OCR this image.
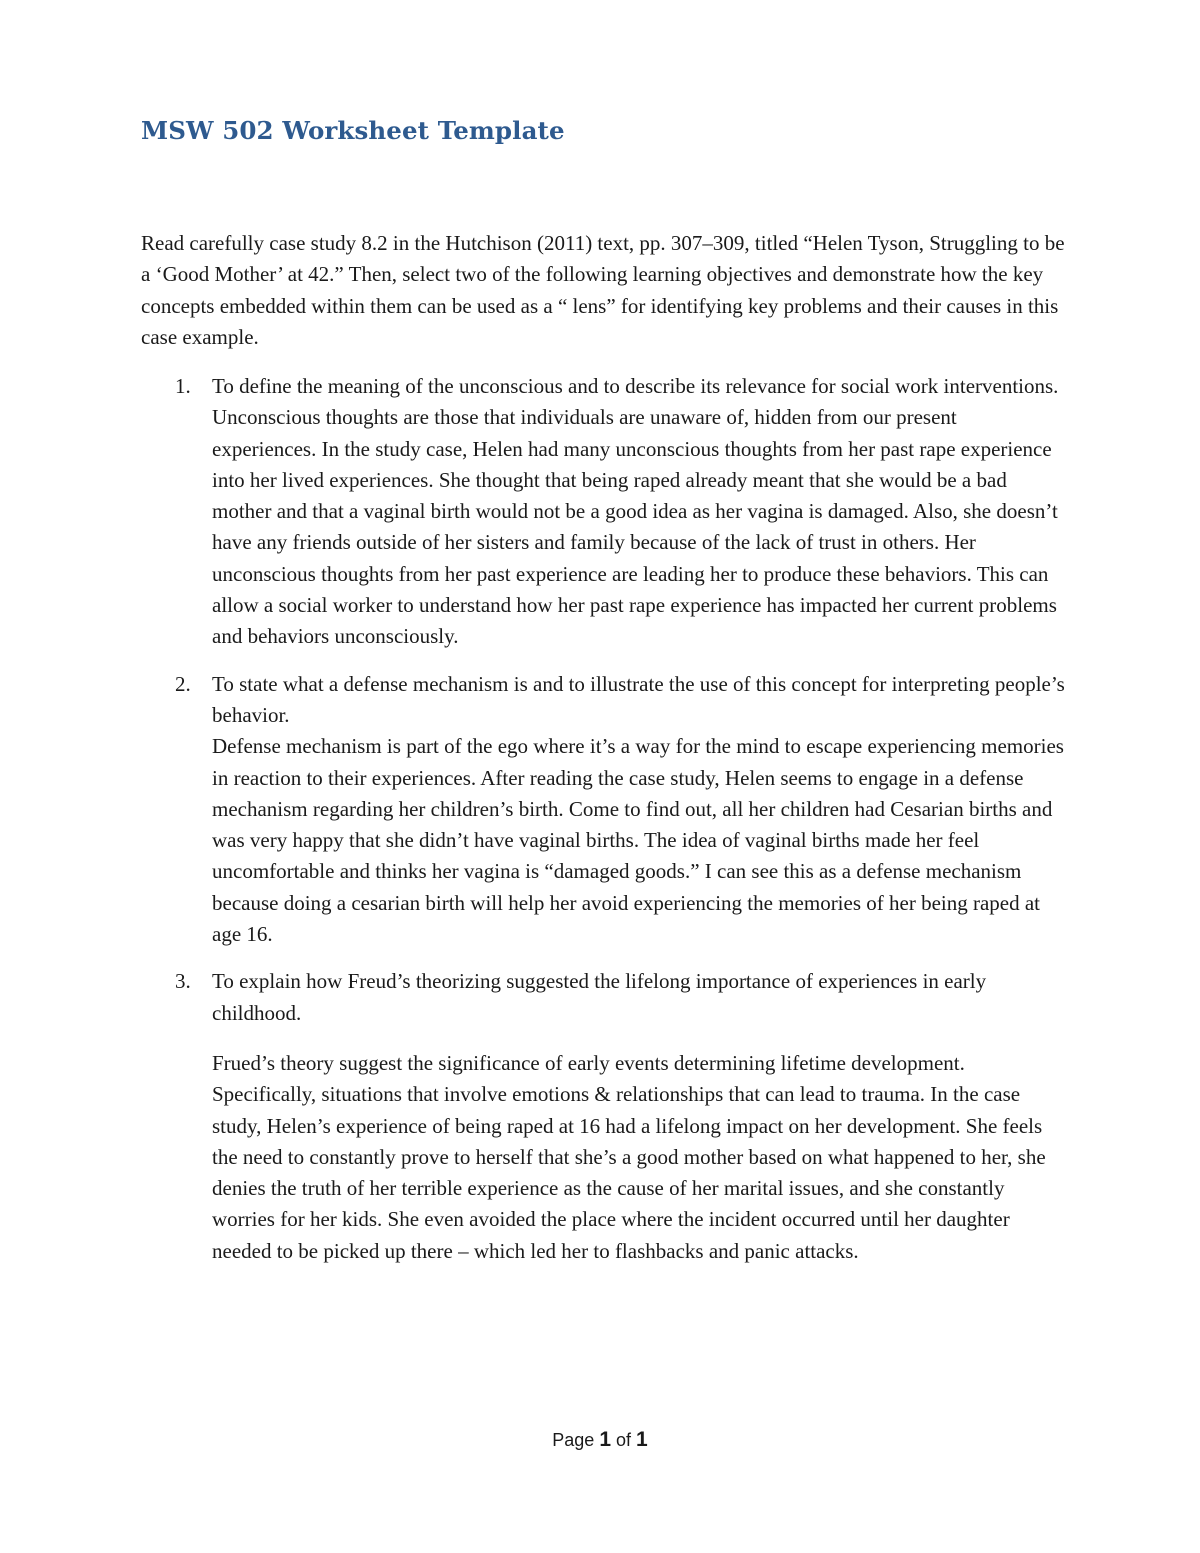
MSW 502 Worksheet Template

Read carefully case study 8.2 in the Hutchison (2011) text, pp. 307–309, titled “Helen Tyson, Struggling to be a ‘Good Mother’ at 42.” Then, select two of the following learning objectives and demonstrate how the key concepts embedded within them can be used as a “ lens” for identifying key problems and their causes in this case example.

1. To define the meaning of the unconscious and to describe its relevance for social work interventions.

Unconscious thoughts are those that individuals are unaware of, hidden from our present experiences. In the study case, Helen had many unconscious thoughts from her past rape experience into her lived experiences. She thought that being raped already meant that she would be a bad mother and that a vaginal birth would not be a good idea as her vagina is damaged. Also, she doesn’t have any friends outside of her sisters and family because of the lack of trust in others. Her unconscious thoughts from her past experience are leading her to produce these behaviors. This can allow a social worker to understand how her past rape experience has impacted her current problems and behaviors unconsciously.

2. To state what a defense mechanism is and to illustrate the use of this concept for interpreting people’s behavior.

Defense mechanism is part of the ego where it’s a way for the mind to escape experiencing memories in reaction to their experiences. After reading the case study, Helen seems to engage in a defense mechanism regarding her children’s birth. Come to find out, all her children had Cesarian births and was very happy that she didn’t have vaginal births. The idea of vaginal births made her feel uncomfortable and thinks her vagina is “damaged goods.” I can see this as a defense mechanism because doing a cesarian birth will help her avoid experiencing the memories of her being raped at age 16.

3. To explain how Freud’s theorizing suggested the lifelong importance of experiences in early childhood.

Frued’s theory suggest the significance of early events determining lifetime development. Specifically, situations that involve emotions & relationships that can lead to trauma. In the case study, Helen’s experience of being raped at 16 had a lifelong impact on her development. She feels the need to constantly prove to herself that she’s a good mother based on what happened to her, she denies the truth of her terrible experience as the cause of her marital issues, and she constantly worries for her kids. She even avoided the place where the incident occurred until her daughter needed to be picked up there – which led her to flashbacks and panic attacks.

Page 1 of 1
